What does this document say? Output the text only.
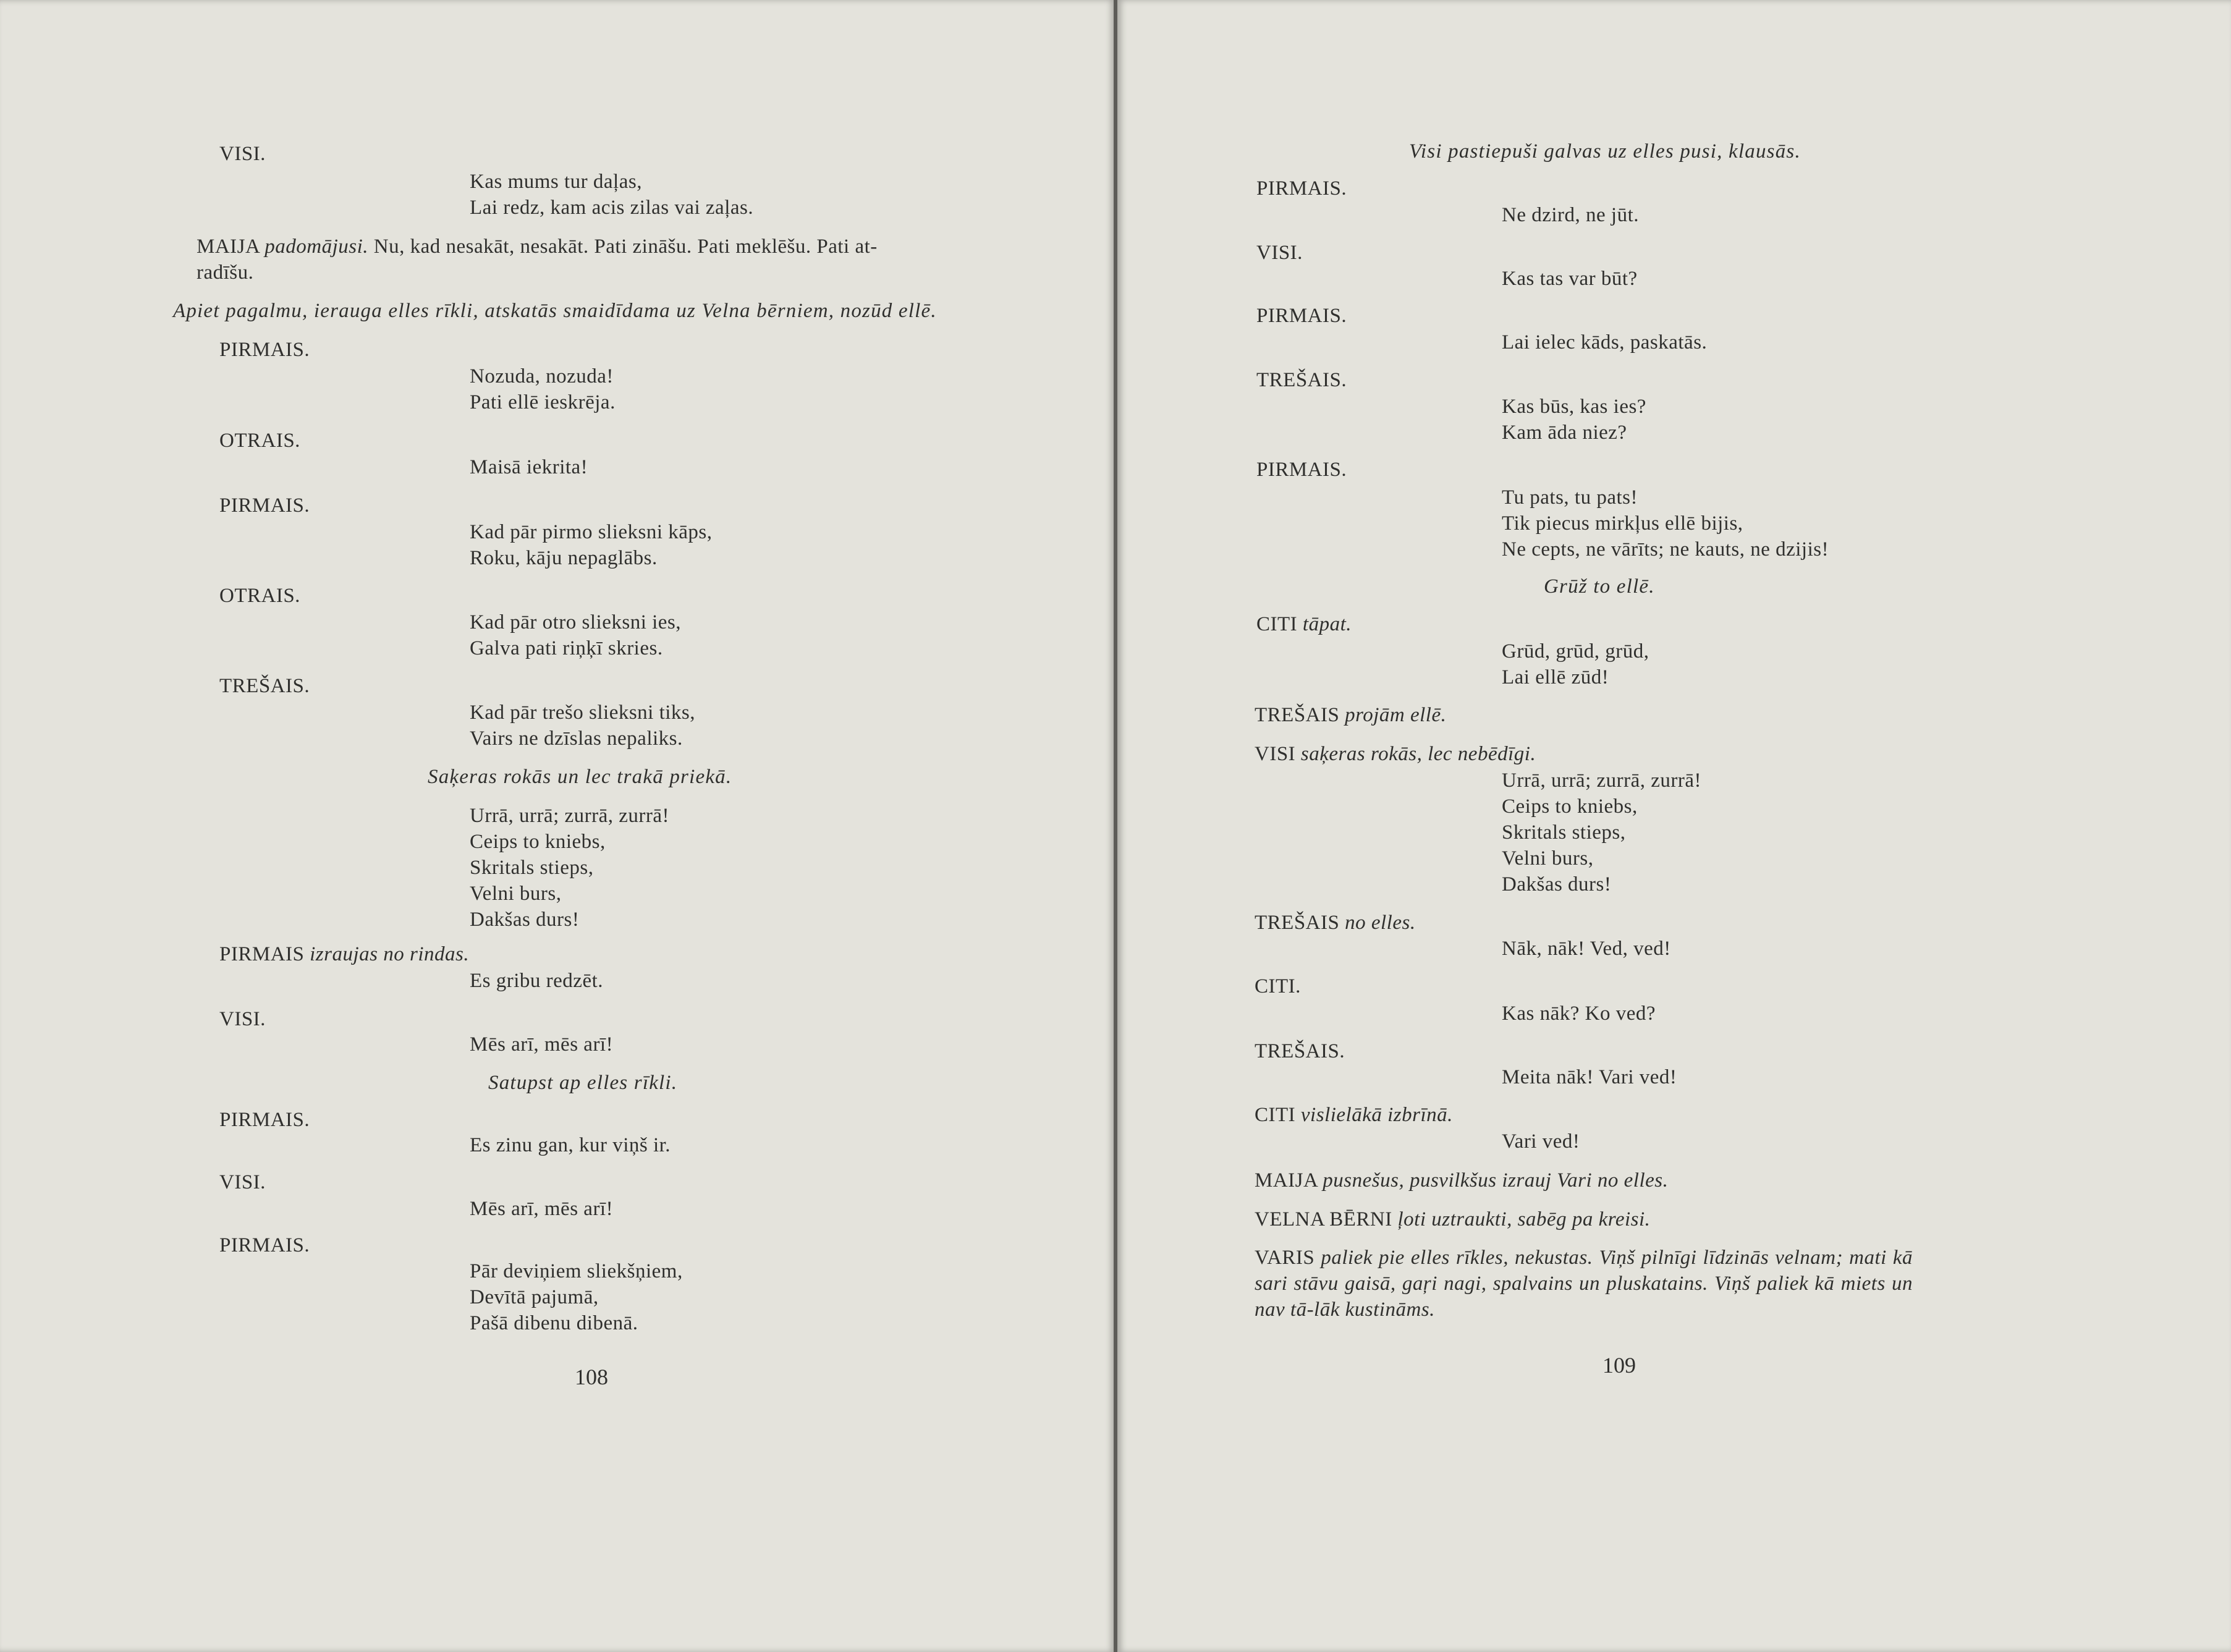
VISI.

Kas mums tur daļas,
Lai redz, kam acis zilas vai zaļas.
MAIJA padomājusi. Nu, kad nesakāt, nesakāt. Pati zināšu. Pati meklēšu. Pati at-
radīšu.

Apiet pagalmu, ierauga elles rīkli, atskatās smaidīdama uz Velna bērniem, nozūd ellē.

PIRMAIS.

Nozuda, nozuda!
Pati ellē ieskrēja.

OTRAIS.

Maisā iekrita!

PIRMAIS.

Kad pār pirmo slieksni kāps,
Roku, kāju nepaglābs.

OTRAIS.

Kad pār otro slieksni ies,
Galva pati riņķī skries.

TREŠAIS.

Kad pār trešo slieksni tiks,
Vairs ne dzīslas nepaliks.

Saķeras rokās un lec trakā priekā.

Urrā, urrā; zurrā, zurrā!
Ceips to kniebs,
Skritals stieps,
Velni burs,
Dakšas durs!

PIRMAIS izraujas no rindas.

Es gribu redzēt.

VISI.

Mēs arī, mēs arī!

Satupst ap elles rīkli.

PIRMAIS.

Es zinu gan, kur viņš ir.

VISI.

Mēs arī, mēs arī!

PIRMAIS.

Pār deviņiem sliekšņiem,
Devītā pajumā,
Pašā dibenu dibenā.

108

Visi pastiepuši galvas uz elles pusi, klausās.

PIRMAIS.

Ne dzird, ne jūt.

VISI.

Kas tas var būt?

PIRMAIS.

Lai ielec kāds, paskatās.

TREŠAIS.

Kas būs, kas ies?
Kam āda niez?

PIRMAIS.

Tu pats, tu pats!
Tik piecus mirkļus ellē bijis,
Ne cepts, ne vārīts; ne kauts, ne dzijis!

Grūž to ellē.

CITI tāpat.

Grūd, grūd, grūd,
Lai ellē zūd!

TREŠAIS projām ellē.

VISI saķeras rokās, lec nebēdīgi.

Urrā, urrā; zurrā, zurrā!
Ceips to kniebs,
Skritals stieps,
Velni burs,
Dakšas durs!

TREŠAIS no elles.

Nāk, nāk! Ved, ved!

CITI.

Kas nāk? Ko ved?

TREŠAIS.

Meita nāk! Vari ved!

CITI vislielākā izbrīnā.

Vari ved!

MAIJA pusnešus, pusvilkšus izrauj Vari no elles.

VELNA BĒRNI ļoti uztraukti, sabēg pa kreisi.

VARIS paliek pie elles rīkles, nekustas. Viņš pilnīgi līdzinās velnam; mati kā sari stāvu gaisā, gaŗi nagi, spalvains un pluskatains. Viņš paliek kā miets un nav tā-lāk kustināms.

109
